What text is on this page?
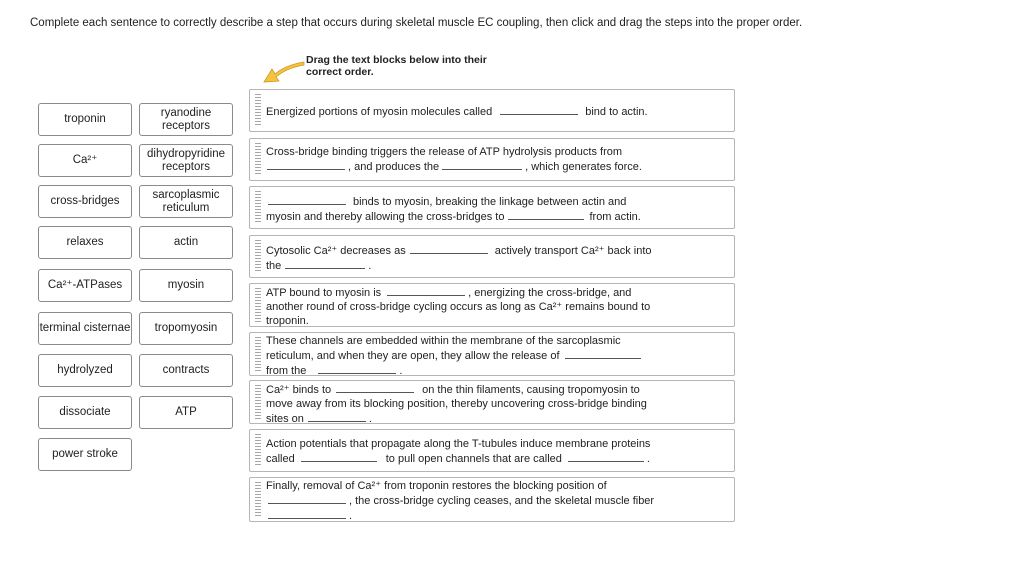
Complete each sentence to correctly describe a step that occurs during skeletal muscle EC coupling, then click and drag the steps into the proper order.
troponin
Ca²⁺
cross-bridges
relaxes
Ca²⁺-ATPases
terminal cisternae
hydrolyzed
dissociate
power stroke
ryanodine
receptors
dihydropyridine
receptors
sarcoplasmic
reticulum
actin
myosin
tropomyosin
contracts
ATP
Drag the text blocks below into their
correct order.
Energized portions of myosin molecules called	bind to actin.
Cross-bridge binding triggers the release of ATP hydrolysis products from
, and produces the	, which generates force.
binds to myosin, breaking the linkage between actin and
myosin and thereby allowing the cross-bridges to	from actin.
Cytosolic Ca²⁺ decreases as	actively transport Ca²⁺ back into
the	.
ATP bound to myosin is	, energizing the cross-bridge, and
another round of cross-bridge cycling occurs as long as Ca²⁺ remains bound to
troponin.
These channels are embedded within the membrane of the sarcoplasmic
reticulum, and when they are open, they allow the release of
from the	.
Ca²⁺ binds to	on the thin filaments, causing tropomyosin to
move away from its blocking position, thereby uncovering cross-bridge binding
sites on	.
Action potentials that propagate along the T-tubules induce membrane proteins
called	to pull open channels that are called	.
Finally, removal of Ca²⁺ from troponin restores the blocking position of
, the cross-bridge cycling ceases, and the skeletal muscle fiber
.
